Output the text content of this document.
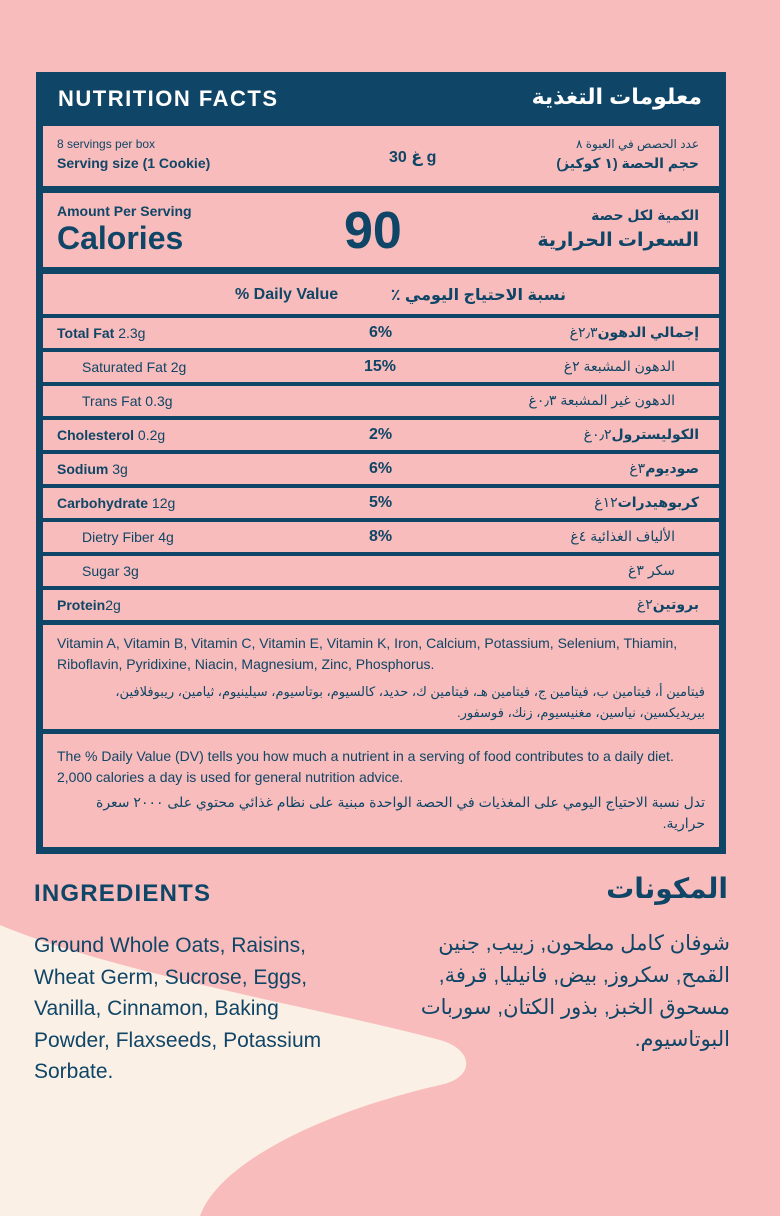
NUTRITION FACTS	معلومات التغذية
8 servings per box
Serving size (1 Cookie)	غ 30 g
عدد الحصص في العبوة ٨
حجم الحصة (١ كوكيز)
Amount Per Serving
Calories	90	الكمية لكل حصة
السعرات الحرارية
% Daily Value	نسبة الاحتياج اليومي ٪
Total Fat 2.3g	6%	إجمالي الدهون٢٫٣غ
Saturated Fat 2g	15%	الدهون المشبعة ٢غ
Trans Fat 0.3g	الدهون غير المشبعة ٠٫٣غ
Cholesterol 0.2g	2%	الكوليسترول٠٫٢غ
Sodium 3g	6%	صوديوم٣غ
Carbohydrate 12g	5%	كربوهيدرات١٢غ
Dietry Fiber 4g	8%	الألياف الغذائية ٤غ
Sugar 3g	سكر ٣غ
Protein2g	بروتين٢غ
Vitamin A, Vitamin B, Vitamin C, Vitamin E, Vitamin K, Iron, Calcium, Potassium, Selenium, Thiamin, Riboflavin, Pyridixine, Niacin, Magnesium, Zinc, Phosphorus.
فيتامين أ، فيتامين ب، فيتامين ج، فيتامين هـ، فيتامين ك، حديد، كالسيوم، بوتاسيوم، سيلينيوم، ثيامين، ريبوفلافين، بيريديكسين، نياسين، مغنيسيوم، زنك، فوسفور.
The % Daily Value (DV) tells you how much a nutrient in a serving of food contributes to a daily diet. 2,000 calories a day is used for general nutrition advice.
تدل نسبة الاحتياج اليومي على المغذيات في الحصة الواحدة مبنية على نظام غذائي محتوي على ٢٠٠٠ سعرة حرارية.
INGREDIENTS	المكونات
Ground Whole Oats, Raisins, Wheat Germ, Sucrose, Eggs, Vanilla, Cinnamon, Baking Powder, Flaxseeds, Potassium Sorbate.
شوفان كامل مطحون, زبيب, جنين القمح, سكروز, بيض, فانيليا, قرفة, مسحوق الخبز, بذور الكتان, سوربات البوتاسيوم.
